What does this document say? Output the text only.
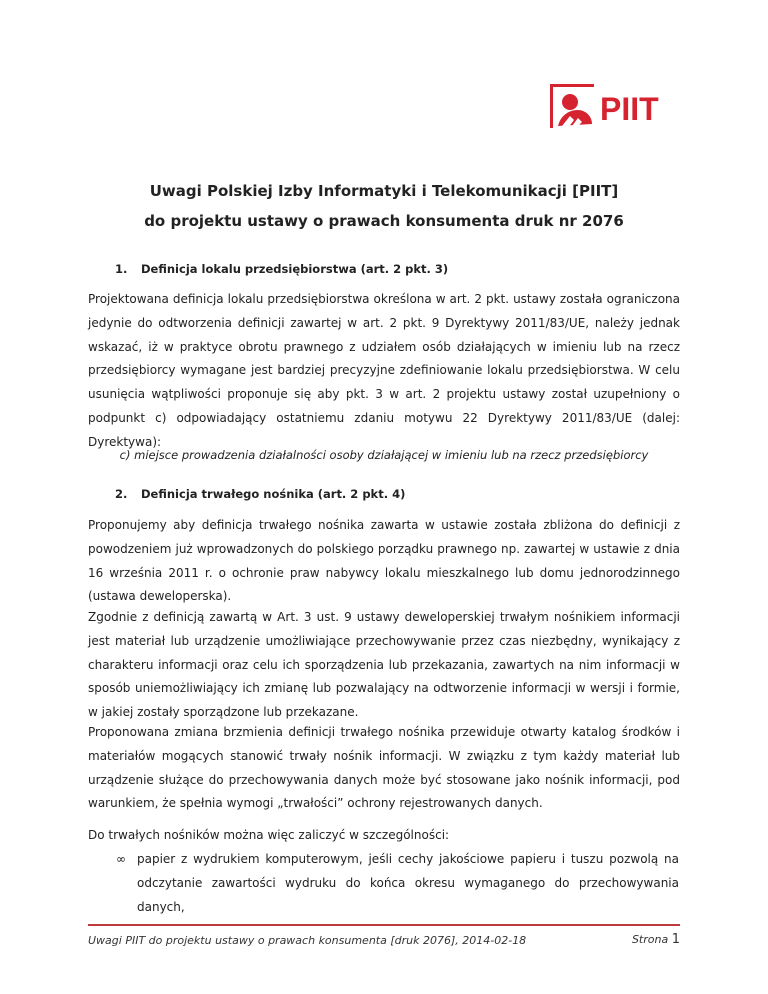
PIIT
Uwagi Polskiej Izby Informatyki i Telekomunikacji [PIIT]
do projektu ustawy o prawach konsumenta druk nr 2076
1. Definicja lokalu przedsiębiorstwa (art. 2 pkt. 3)

Projektowana definicja lokalu przedsiębiorstwa określona w art. 2 pkt. ustawy została ograniczona jedynie do odtworzenia definicji zawartej w art. 2 pkt. 9 Dyrektywy 2011/83/UE, należy jednak wskazać, iż w praktyce obrotu prawnego z udziałem osób działających w imieniu lub na rzecz przedsiębiorcy wymagane jest bardziej precyzyjne zdefiniowanie lokalu przedsiębiorstwa. W celu usunięcia wątpliwości proponuje się aby pkt. 3 w art. 2 projektu ustawy został uzupełniony o podpunkt c) odpowiadający ostatniemu zdaniu motywu 22 Dyrektywy 2011/83/UE (dalej: Dyrektywa):

c) miejsce prowadzenia działalności osoby działającej w imieniu lub na rzecz przedsiębiorcy
2. Definicja trwałego nośnika (art. 2 pkt. 4)

Proponujemy aby definicja trwałego nośnika zawarta w ustawie została zbliżona do definicji z powodzeniem już wprowadzonych do polskiego porządku prawnego np. zawartej w ustawie z dnia 16 września 2011 r. o ochronie praw nabywcy lokalu mieszkalnego lub domu jednorodzinnego (ustawa deweloperska).

Zgodnie z definicją zawartą w Art. 3 ust. 9 ustawy deweloperskiej trwałym nośnikiem informacji jest materiał lub urządzenie umożliwiające przechowywanie przez czas niezbędny, wynikający z charakteru informacji oraz celu ich sporządzenia lub przekazania, zawartych na nim informacji w sposób uniemożliwiający ich zmianę lub pozwalający na odtworzenie informacji w wersji i formie, w jakiej zostały sporządzone lub przekazane.

Proponowana zmiana brzmienia definicji trwałego nośnika przewiduje otwarty katalog środków i materiałów mogących stanowić trwały nośnik informacji. W związku z tym każdy materiał lub urządzenie służące do przechowywania danych może być stosowane jako nośnik informacji, pod warunkiem, że spełnia wymogi „trwałości” ochrony rejestrowanych danych.

Do trwałych nośników można więc zaliczyć w szczególności:

∞ papier z wydrukiem komputerowym, jeśli cechy jakościowe papieru i tuszu pozwolą na odczytanie zawartości wydruku do końca okresu wymaganego do przechowywania danych,

Uwagi PIIT do projektu ustawy o prawach konsumenta [druk 2076], 2014-02-18	Strona 1
